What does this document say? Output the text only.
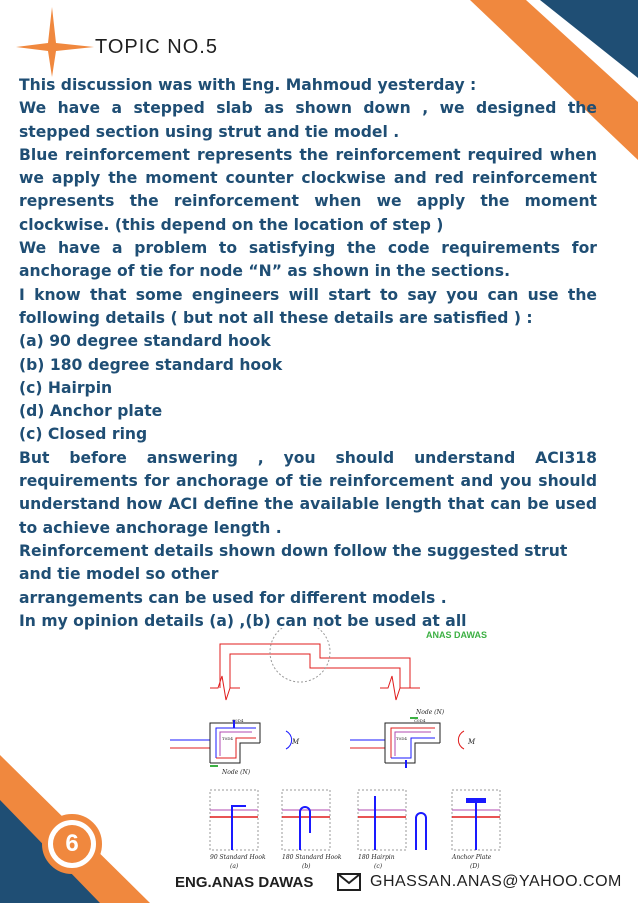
TOPIC NO.5

This discussion was with Eng. Mahmoud yesterday :

We have a stepped slab as shown down , we designed the stepped section using strut and tie model .

Blue reinforcement represents the reinforcement required when we apply the moment counter clockwise and red reinforcement represents the reinforcement when we apply the moment clockwise. (this depend on the location of step )

We have a problem to satisfying the code requirements for anchorage of tie for node “N” as shown in the sections.

I know that some engineers will start to say you can use the following details ( but not all these details are satisfied ) :

(a) 90 degree standard hook

(b) 180 degree standard hook

(c) Hairpin

(d) Anchor plate

(c) Closed ring

But before answering , you should understand ACI318 requirements for anchorage of tie reinforcement and you should understand how ACI define the available length that can be used to achieve anchorage length .

Reinforcement details shown down follow the suggested strut and tie model so other

arrangements can be used for different models .

In my opinion details (a) ,(b) can not be used at all

ANAS DAWAS
C0D4
T0D4	M
Node (N)
C0D4
T0D4	M
Node (N)
90 Standard Hook
(a)
180 Standard Hook
(b)
180 Hairpin
(c)
Anchor Plate
(D)
6
ENG.ANAS DAWAS	GHASSAN.ANAS@YAHOO.COM
